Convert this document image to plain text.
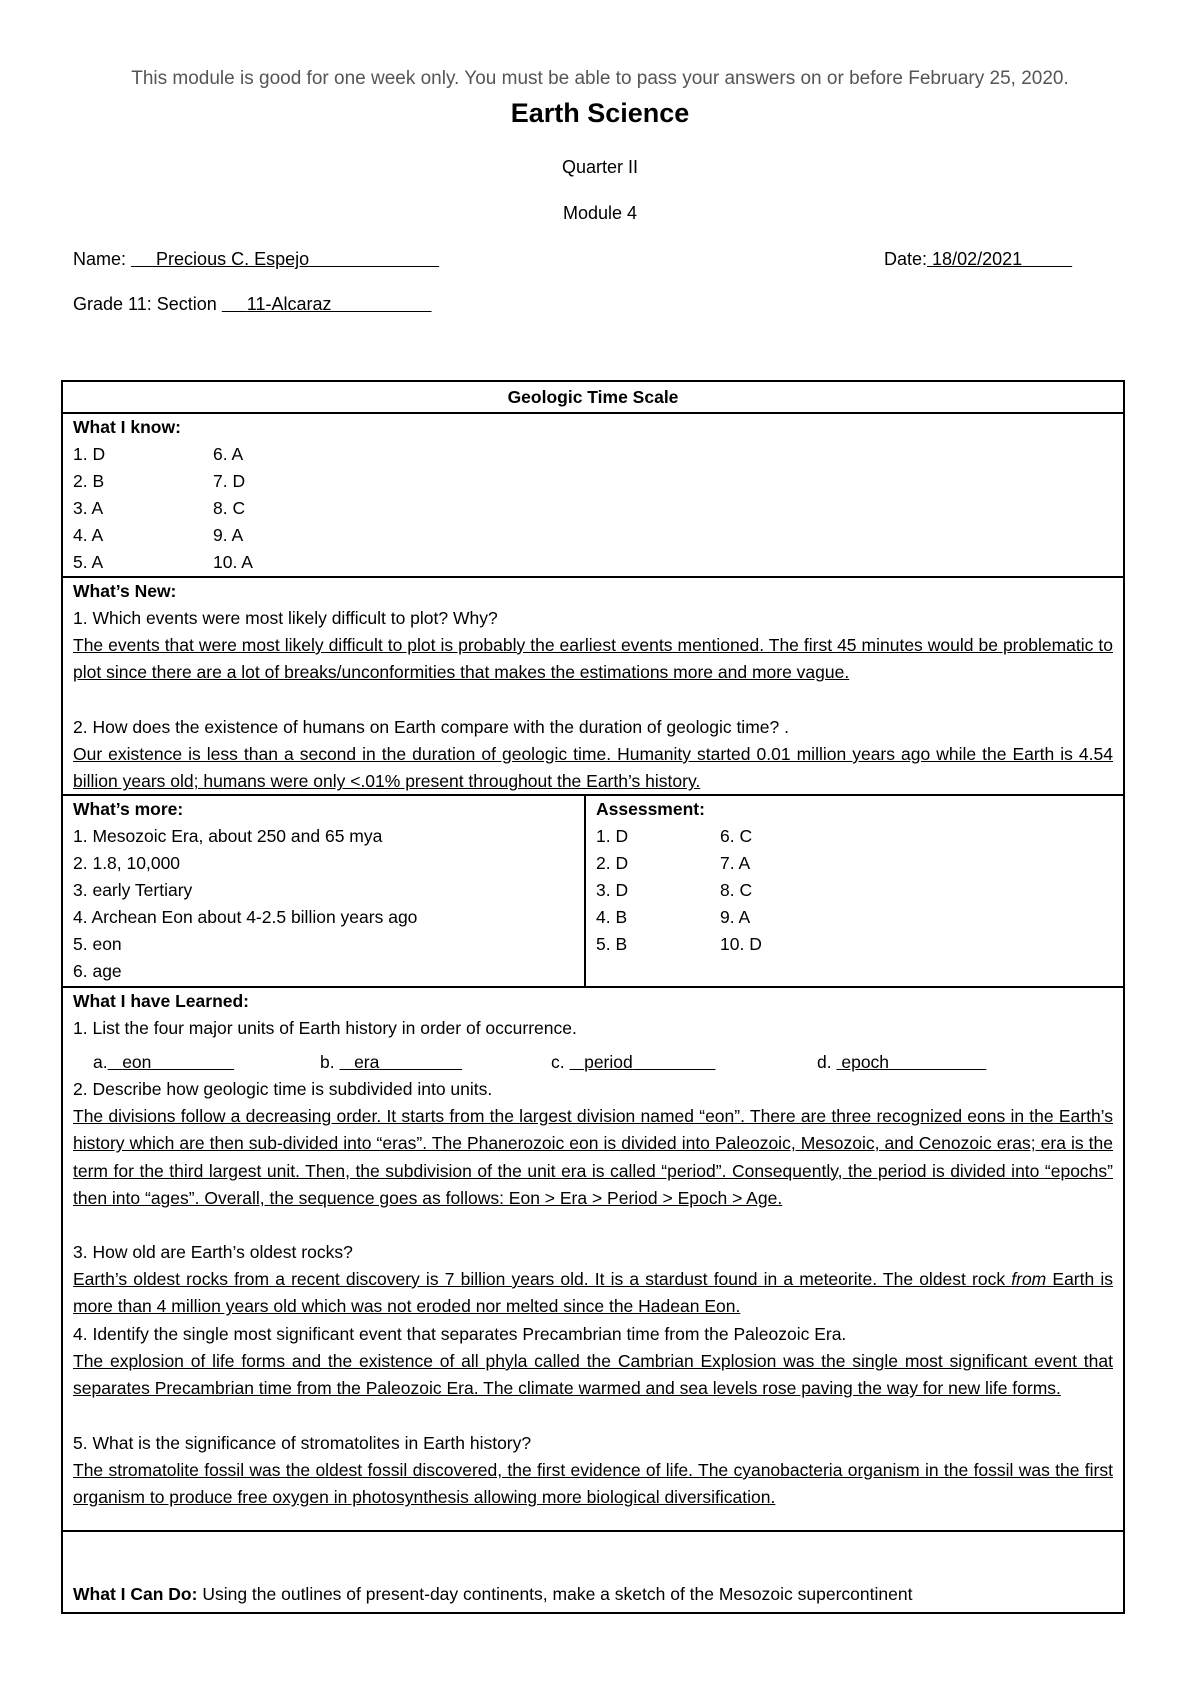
This module is good for one week only. You must be able to pass your answers on or before February 25, 2020.
Earth Science
Quarter II
Module 4
Name: Precious C. Espejo	Date: 18/02/2021
Grade 11: Section 11-Alcaraz
Geologic Time Scale
What I know:
1. D	6. A
2. B	7. D
3. A	8. C
4. A	9. A
5. A	10. A
What’s New:
1. Which events were most likely difficult to plot? Why?
The events that were most likely difficult to plot is probably the earliest events mentioned. The first 45 minutes would be problematic to plot since there are a lot of breaks/unconformities that makes the estimations more and more vague.
2. How does the existence of humans on Earth compare with the duration of geologic time? .
Our existence is less than a second in the duration of geologic time. Humanity started 0.01 million years ago while the Earth is 4.54 billion years old; humans were only <.01% present throughout the Earth’s history.
What’s more:
1. Mesozoic Era, about 250 and 65 mya
2. 1.8, 10,000
3. early Tertiary
4. Archean Eon about 4-2.5 billion years ago
5. eon
6. age
Assessment:
1. D	6. C
2. D	7. A
3. D	8. C
4. B	9. A
5. B	10. D
What I have Learned:
1. List the four major units of Earth history in order of occurrence.
a. eon	b. era	c. period	d. epoch
2. Describe how geologic time is subdivided into units.
The divisions follow a decreasing order. It starts from the largest division named “eon”. There are three recognized eons in the Earth’s history which are then sub-divided into “eras”. The Phanerozoic eon is divided into Paleozoic, Mesozoic, and Cenozoic eras; era is the term for the third largest unit. Then, the subdivision of the unit era is called “period”. Consequently, the period is divided into “epochs” then into “ages”. Overall, the sequence goes as follows: Eon > Era > Period > Epoch > Age.
3. How old are Earth’s oldest rocks?
Earth’s oldest rocks from a recent discovery is 7 billion years old. It is a stardust found in a meteorite. The oldest rock from Earth is more than 4 million years old which was not eroded nor melted since the Hadean Eon.
4. Identify the single most significant event that separates Precambrian time from the Paleozoic Era.
The explosion of life forms and the existence of all phyla called the Cambrian Explosion was the single most significant event that separates Precambrian time from the Paleozoic Era. The climate warmed and sea levels rose paving the way for new life forms.
5. What is the significance of stromatolites in Earth history?
The stromatolite fossil was the oldest fossil discovered, the first evidence of life. The cyanobacteria organism in the fossil was the first organism to produce free oxygen in photosynthesis allowing more biological diversification.
What I Can Do: Using the outlines of present-day continents, make a sketch of the Mesozoic supercontinent
